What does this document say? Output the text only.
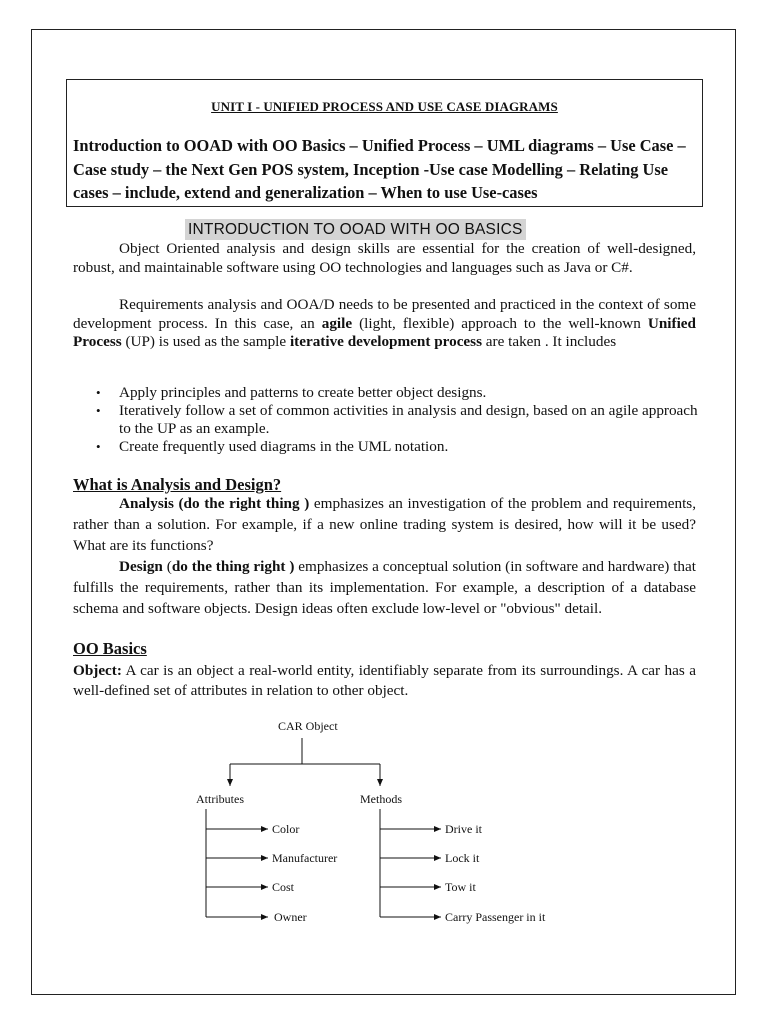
UNIT I - UNIFIED PROCESS AND USE CASE DIAGRAMS
Introduction to OOAD with OO Basics – Unified Process – UML diagrams – Use Case –Case study – the Next Gen POS system, Inception -Use case Modelling – Relating Use cases – include, extend and generalization – When to use Use-cases
INTRODUCTION TO OOAD WITH OO BASICS

Object Oriented analysis and design skills are essential for the creation of well-designed, robust, and maintainable software using OO technologies and languages such as Java or C#.

Requirements analysis and OOA/D needs to be presented and practiced in the context of some development process. In this case, an agile (light, flexible) approach to the well-known Unified Process (UP) is used as the sample iterative development process are taken . It includes

• Apply principles and patterns to create better object designs.
• Iteratively follow a set of common activities in analysis and design, based on an agile approach to the UP as an example.
• Create frequently used diagrams in the UML notation.
What is Analysis and Design?

Analysis (do the right thing ) emphasizes an investigation of the problem and requirements, rather than a solution. For example, if a new online trading system is desired, how will it be used? What are its functions?

Design (do the thing right ) emphasizes a conceptual solution (in software and hardware) that fulfills the requirements, rather than its implementation. For example, a description of a database schema and software objects. Design ideas often exclude low-level or "obvious" detail.

OO Basics

Object: A car is an object a real-world entity, identifiably separate from its surroundings. A car has a well-defined set of attributes in relation to other object.

CAR Object
Attributes	Methods
Color
Manufacturer
Cost
Owner
Drive it
Lock it
Tow it
Carry Passenger in it
